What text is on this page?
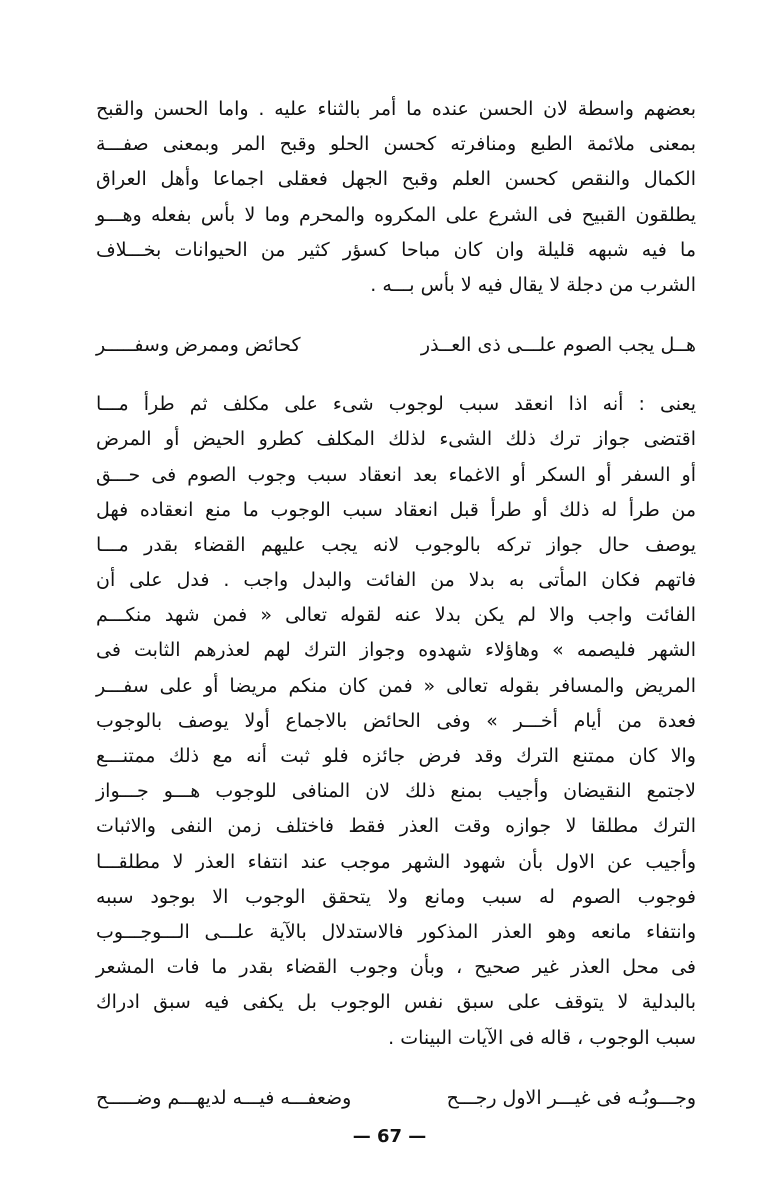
بعضهم واسطة لان الحسن عنده ما أمر بالثناء عليه . واما الحسن والقبح
بمعنى ملائمة الطبع ومنافرته كحسن الحلو وقبح المر وبمعنى صفـــة
الكمال والنقص كحسن العلم وقبح الجهل فعقلى اجماعا وأهل العراق
يطلقون القبيح فى الشرع على المكروه والمحرم وما لا بأس بفعله وهـــو
ما فيه شبهه قليلة وان كان مباحا كسؤر كثير من الحيوانات بخـــلاف
الشرب من دجلة لا يقال فيه لا بأس بـــه .
هــل يجب الصوم علـــى ذى العــذر
كحائض وممرض وسفـــــر
يعنى : أنه اذا انعقد سبب لوجوب شىء على مكلف ثم طرأ مـــا
اقتضى جواز ترك ذلك الشىء لذلك المكلف كطرو الحيض أو المرض
أو السفر أو السكر أو الاغماء بعد انعقاد سبب وجوب الصوم فى حـــق
من طرأ له ذلك أو طرأ قبل انعقاد سبب الوجوب ما منع انعقاده فهل
يوصف حال جواز تركه بالوجوب لانه يجب عليهم القضاء بقدر مـــا
فاتهم فكان المأتى به بدلا من الفائت والبدل واجب . فدل على أن
الفائت واجب والا لم يكن بدلا عنه لقوله تعالى « فمن شهد منكـــم
الشهر فليصمه » وهاؤلاء شهدوه وجواز الترك لهم لعذرهم الثابت فى
المريض والمسافر بقوله تعالى « فمن كان منكم مريضا أو على سفـــر
فعدة من أيام أخـــر » وفى الحائض بالاجماع أولا يوصف بالوجوب
والا كان ممتنع الترك وقد فرض جائزه فلو ثبت أنه مع ذلك ممتنـــع
لاجتمع النقيضان وأجيب بمنع ذلك لان المنافى للوجوب هـــو جـــواز
الترك مطلقا لا جوازه وقت العذر فقط فاختلف زمن النفى والاثبات
وأجيب عن الاول بأن شهود الشهر موجب عند انتفاء العذر لا مطلقـــا
فوجوب الصوم له سبب ومانع ولا يتحقق الوجوب الا بوجود سببه
وانتفاء مانعه وهو العذر المذكور فالاستدلال بالآية علـــى الـــوجـــوب
فى محل العذر غير صحيح ، وبأن وجوب القضاء بقدر ما فات المشعر
بالبدلية لا يتوقف على سبق نفس الوجوب بل يكفى فيه سبق ادراك
سبب الوجوب ، قاله فى الآيات البينات .
وجـــوبُـه فى غيـــر الاول رجـــح
وضعفـــه فيـــه لديهـــم وضـــــح
— 67 —
